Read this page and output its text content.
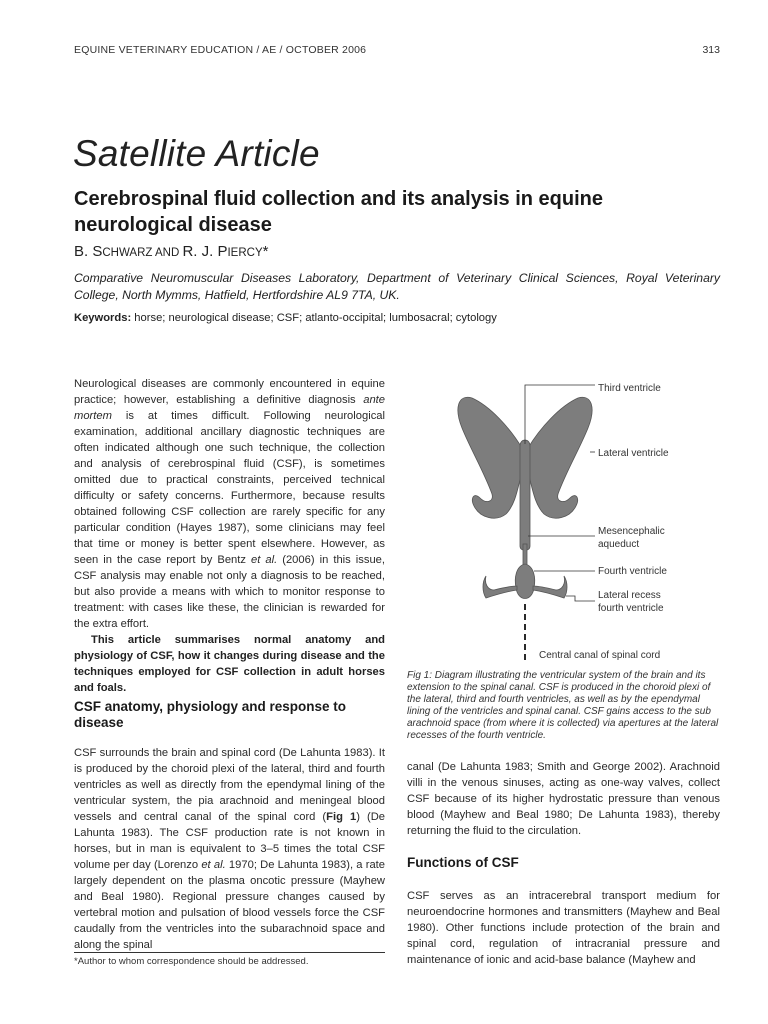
EQUINE VETERINARY EDUCATION / AE / OCTOBER 2006	313
Satellite Article
Cerebrospinal fluid collection and its analysis in equine neurological disease
B. SCHWARZ AND R. J. PIERCY*
Comparative Neuromuscular Diseases Laboratory, Department of Veterinary Clinical Sciences, Royal Veterinary College, North Mymms, Hatfield, Hertfordshire AL9 7TA, UK.
Keywords: horse; neurological disease; CSF; atlanto-occipital; lumbosacral; cytology

Neurological diseases are commonly encountered in equine practice; however, establishing a definitive diagnosis ante mortem is at times difficult. Following neurological examination, additional ancillary diagnostic techniques are often indicated although one such technique, the collection and analysis of cerebrospinal fluid (CSF), is sometimes omitted due to practical constraints, perceived technical difficulty or safety concerns. Furthermore, because results obtained following CSF collection are rarely specific for any particular condition (Hayes 1987), some clinicians may feel that time or money is better spent elsewhere. However, as seen in the case report by Bentz et al. (2006) in this issue, CSF analysis may enable not only a diagnosis to be reached, but also provide a means with which to monitor response to treatment: with cases like these, the clinician is rewarded for the extra effort.

This article summarises normal anatomy and physiology of CSF, how it changes during disease and the techniques employed for CSF collection in adult horses and foals.

CSF anatomy, physiology and response to disease

CSF surrounds the brain and spinal cord (De Lahunta 1983). It is produced by the choroid plexi of the lateral, third and fourth ventricles as well as directly from the ependymal lining of the ventricular system, the pia arachnoid and meningeal blood vessels and central canal of the spinal cord (Fig 1) (De Lahunta 1983). The CSF production rate is not known in horses, but in man is equivalent to 3–5 times the total CSF volume per day (Lorenzo et al. 1970; De Lahunta 1983), a rate largely dependent on the plasma oncotic pressure (Mayhew and Beal 1980). Regional pressure changes caused by vertebral motion and pulsation of blood vessels force the CSF caudally from the ventricles into the subarachnoid space and along the spinal

*Author to whom correspondence should be addressed.
Third ventricle
Lateral ventricle
Mesencephalic
aqueduct
Fourth ventricle
Lateral recess
fourth ventricle
Central canal of spinal cord
Fig 1: Diagram illustrating the ventricular system of the brain and its extension to the spinal canal. CSF is produced in the choroid plexi of the lateral, third and fourth ventricles, as well as by the ependymal lining of the ventricles and spinal canal. CSF gains access to the sub arachnoid space (from where it is collected) via apertures at the lateral recesses of the fourth ventricle.

canal (De Lahunta 1983; Smith and George 2002). Arachnoid villi in the venous sinuses, acting as one-way valves, collect CSF because of its higher hydrostatic pressure than venous blood (Mayhew and Beal 1980; De Lahunta 1983), thereby returning the fluid to the circulation.

Functions of CSF

CSF serves as an intracerebral transport medium for neuroendocrine hormones and transmitters (Mayhew and Beal 1980). Other functions include protection of the brain and spinal cord, regulation of intracranial pressure and maintenance of ionic and acid-base balance (Mayhew and
